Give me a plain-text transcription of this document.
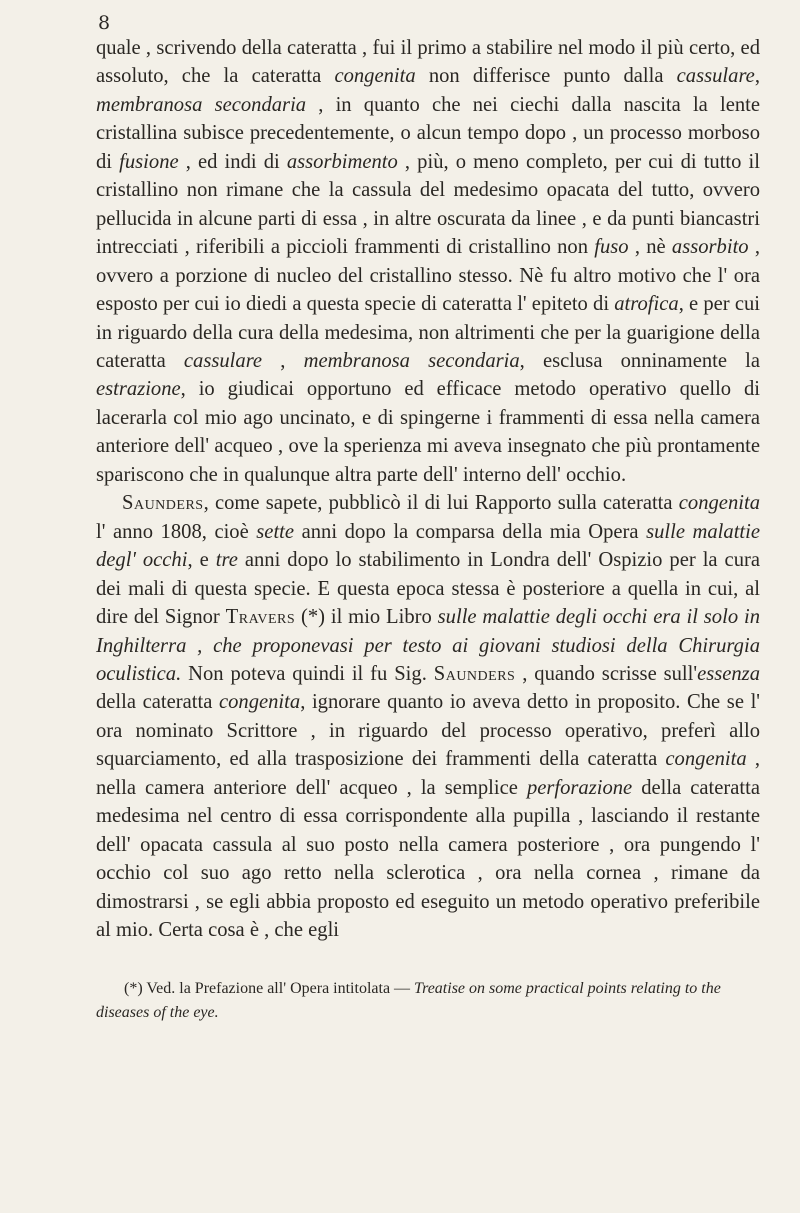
8

quale , scrivendo della cateratta , fui il primo a stabilire nel modo il più certo, ed assoluto, che la cateratta congenita non differisce punto dalla cassulare, membranosa secondaria , in quanto che nei ciechi dalla nascita la lente cristallina subisce precedentemente, o alcun tempo dopo , un processo morboso di fusione , ed indi di assorbimento , più, o meno completo, per cui di tutto il cristallino non rimane che la cassula del medesimo opacata del tutto, ovvero pellucida in alcune parti di essa , in altre oscurata da linee , e da punti biancastri intrecciati , riferibili a piccioli frammenti di cristallino non fuso , nè assorbito , ovvero a porzione di nucleo del cristallino stesso. Nè fu altro motivo che l' ora esposto per cui io diedi a questa specie di cateratta l' epiteto di atrofica, e per cui in riguardo della cura della medesima, non altrimenti che per la guarigione della cateratta cassulare , membranosa secondaria, esclusa onninamente la estrazione, io giudicai opportuno ed efficace metodo operativo quello di lacerarla col mio ago uncinato, e di spingerne i frammenti di essa nella camera anteriore dell' acqueo , ove la sperienza mi aveva insegnato che più prontamente spariscono che in qualunque altra parte dell' interno dell' occhio.

Saunders, come sapete, pubblicò il di lui Rapporto sulla cateratta congenita l' anno 1808, cioè sette anni dopo la comparsa della mia Opera sulle malattie degl' occhi, e tre anni dopo lo stabilimento in Londra dell' Ospizio per la cura dei mali di questa specie. E questa epoca stessa è posteriore a quella in cui, al dire del Signor Travers (*) il mio Libro sulle malattie degli occhi era il solo in Inghilterra , che proponevasi per testo ai giovani studiosi della Chirurgia oculistica. Non poteva quindi il fu Sig. Saunders , quando scrisse sull'essenza della cateratta congenita, ignorare quanto io aveva detto in proposito. Che se l' ora nominato Scrittore , in riguardo del processo operativo, preferì allo squarciamento, ed alla trasposizione dei frammenti della cateratta congenita , nella camera anteriore dell' acqueo , la semplice perforazione della cateratta medesima nel centro di essa corrispondente alla pupilla , lasciando il restante dell' opacata cassula al suo posto nella camera posteriore , ora pungendo l' occhio col suo ago retto nella sclerotica , ora nella cornea , rimane da dimostrarsi , se egli abbia proposto ed eseguito un metodo operativo preferibile al mio. Certa cosa è , che egli

(*) Ved. la Prefazione all' Opera intitolata — Treatise on some practical points relating to the diseases of the eye.
